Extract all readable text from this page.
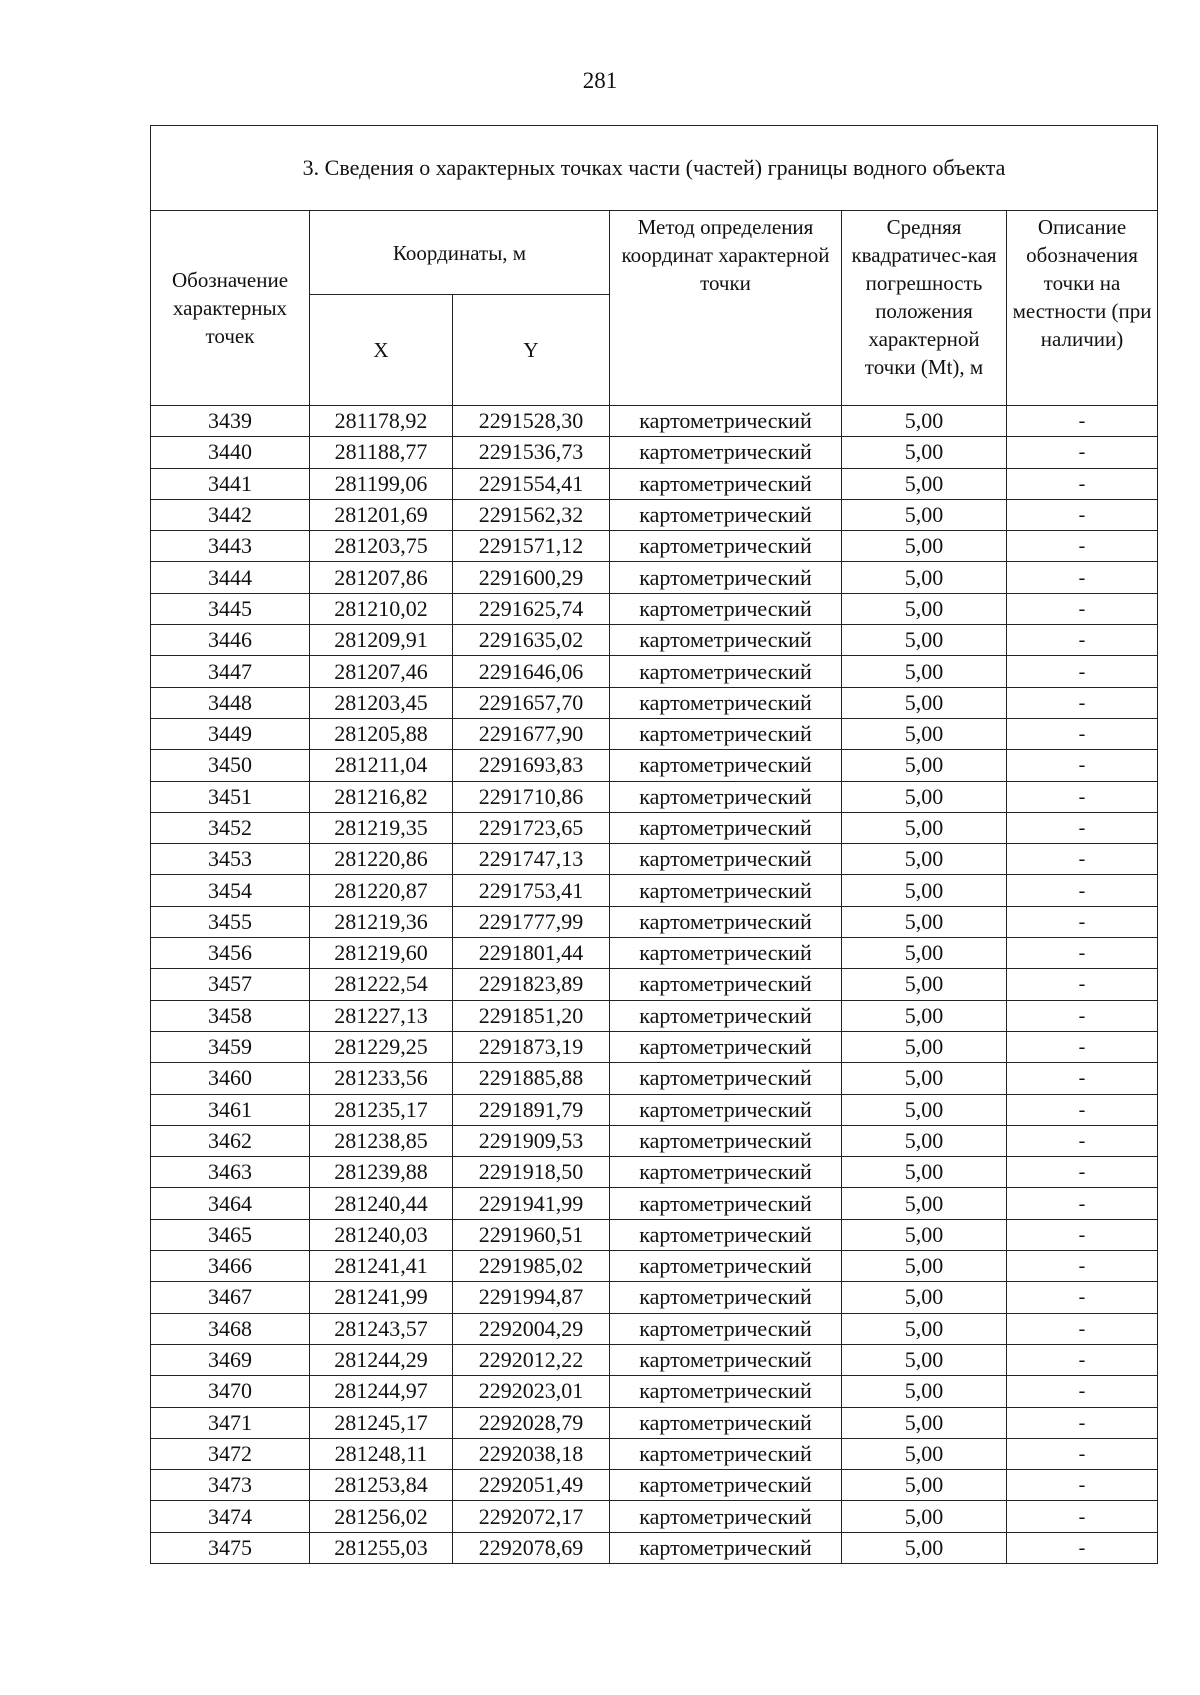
281
3. Сведения о характерных точках части (частей) границы водного объекта					
Обозначение характерных точек	Координаты, м		Метод определения координат характерной точки	Средняя квадратичес-кая погрешность положения характерной точки (Mt), м	Описание обозначения точки на местности (при наличии)
	X	Y			
3439	281178,92	2291528,30	картометрический	5,00	-
3440	281188,77	2291536,73	картометрический	5,00	-
3441	281199,06	2291554,41	картометрический	5,00	-
3442	281201,69	2291562,32	картометрический	5,00	-
3443	281203,75	2291571,12	картометрический	5,00	-
3444	281207,86	2291600,29	картометрический	5,00	-
3445	281210,02	2291625,74	картометрический	5,00	-
3446	281209,91	2291635,02	картометрический	5,00	-
3447	281207,46	2291646,06	картометрический	5,00	-
3448	281203,45	2291657,70	картометрический	5,00	-
3449	281205,88	2291677,90	картометрический	5,00	-
3450	281211,04	2291693,83	картометрический	5,00	-
3451	281216,82	2291710,86	картометрический	5,00	-
3452	281219,35	2291723,65	картометрический	5,00	-
3453	281220,86	2291747,13	картометрический	5,00	-
3454	281220,87	2291753,41	картометрический	5,00	-
3455	281219,36	2291777,99	картометрический	5,00	-
3456	281219,60	2291801,44	картометрический	5,00	-
3457	281222,54	2291823,89	картометрический	5,00	-
3458	281227,13	2291851,20	картометрический	5,00	-
3459	281229,25	2291873,19	картометрический	5,00	-
3460	281233,56	2291885,88	картометрический	5,00	-
3461	281235,17	2291891,79	картометрический	5,00	-
3462	281238,85	2291909,53	картометрический	5,00	-
3463	281239,88	2291918,50	картометрический	5,00	-
3464	281240,44	2291941,99	картометрический	5,00	-
3465	281240,03	2291960,51	картометрический	5,00	-
3466	281241,41	2291985,02	картометрический	5,00	-
3467	281241,99	2291994,87	картометрический	5,00	-
3468	281243,57	2292004,29	картометрический	5,00	-
3469	281244,29	2292012,22	картометрический	5,00	-
3470	281244,97	2292023,01	картометрический	5,00	-
3471	281245,17	2292028,79	картометрический	5,00	-
3472	281248,11	2292038,18	картометрический	5,00	-
3473	281253,84	2292051,49	картометрический	5,00	-
3474	281256,02	2292072,17	картометрический	5,00	-
3475	281255,03	2292078,69	картометрический	5,00	-
